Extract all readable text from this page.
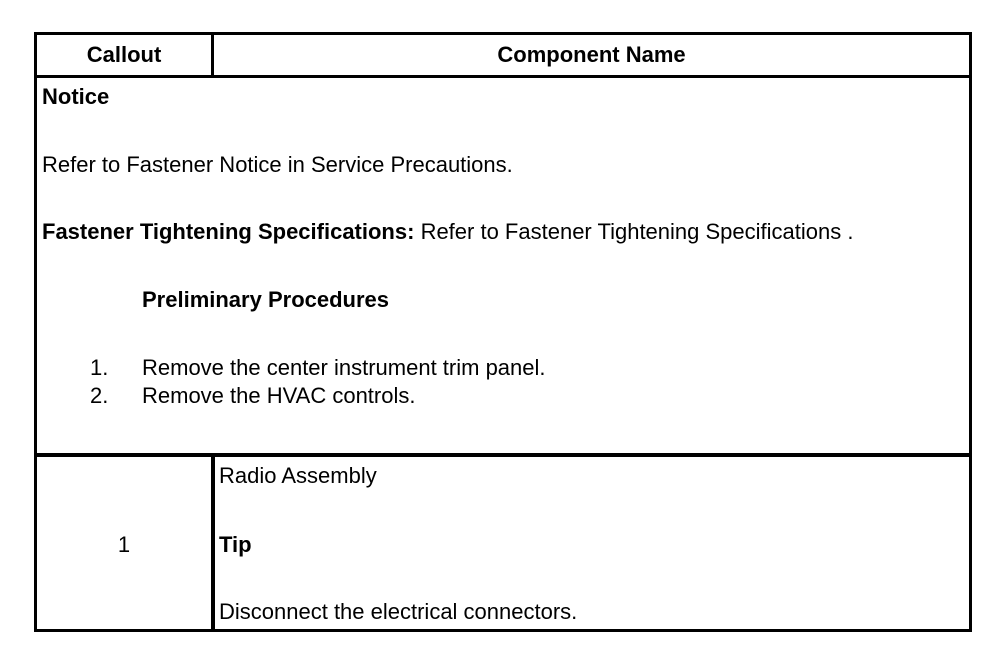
Callout	Component Name
Notice
Refer to Fastener Notice in Service Precautions.
Fastener Tightening Specifications: Refer to Fastener Tightening Specifications .
Preliminary Procedures
1. Remove the center instrument trim panel.
2. Remove the HVAC controls.
1
Radio Assembly
Tip
Disconnect the electrical connectors.
